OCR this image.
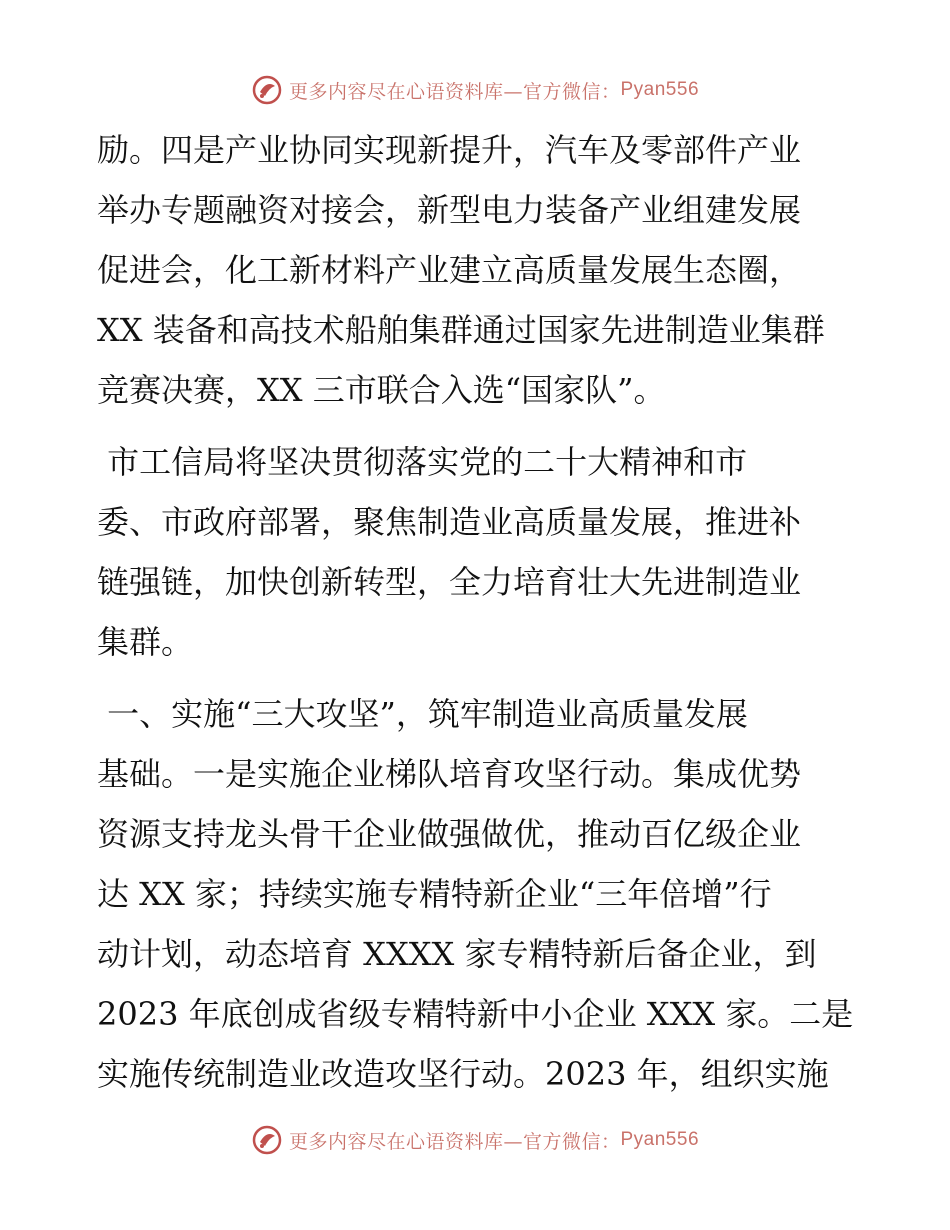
更多内容尽在心语资料库—官方微信： Pyan556
励。四是产业协同实现新提升，汽车及零部件产业
举办专题融资对接会，新型电力装备产业组建发展
促进会，化工新材料产业建立高质量发展生态圈，
XX 装备和高技术船舶集群通过国家先进制造业集群
竞赛决赛，XX 三市联合入选“国家队”。
市工信局将坚决贯彻落实党的二十大精神和市
委、市政府部署，聚焦制造业高质量发展，推进补
链强链，加快创新转型，全力培育壮大先进制造业
集群。
一、实施“三大攻坚”，筑牢制造业高质量发展
基础。一是实施企业梯队培育攻坚行动。集成优势
资源支持龙头骨干企业做强做优，推动百亿级企业
达 XX 家；持续实施专精特新企业“三年倍增”行
动计划，动态培育 XXXX 家专精特新后备企业，到
2023 年底创成省级专精特新中小企业 XXX 家。二是
实施传统制造业改造攻坚行动。2023 年，组织实施
更多内容尽在心语资料库—官方微信： Pyan556
